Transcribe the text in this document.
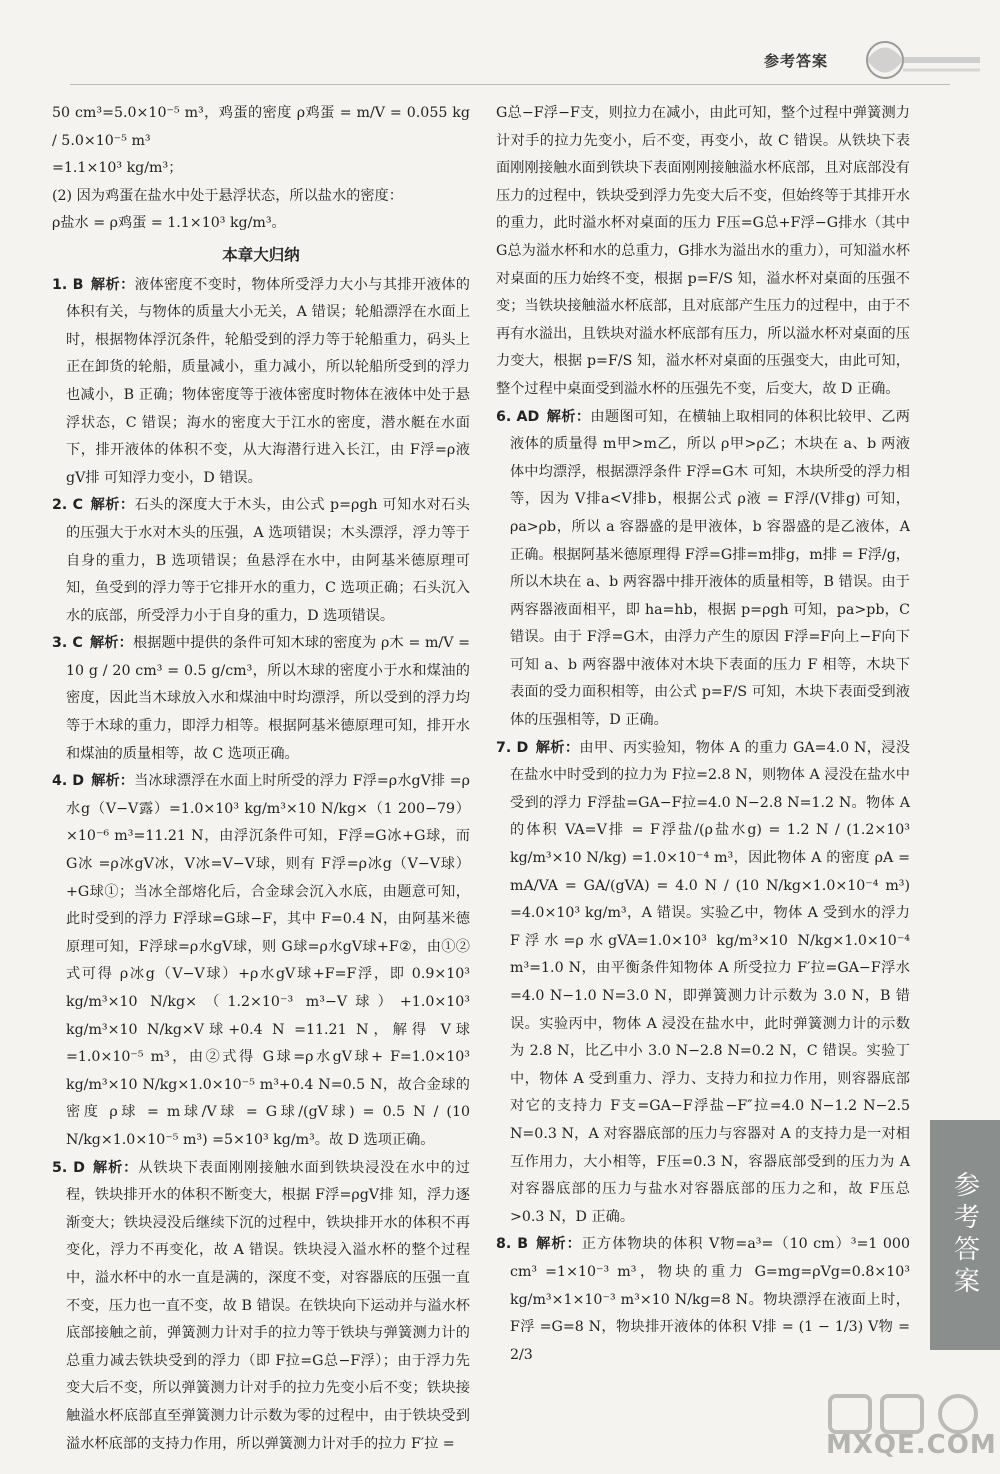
参考答案

50 cm³=5.0×10⁻⁵ m³，鸡蛋的密度 ρ鸡蛋 = m/V = 0.055 kg / 5.0×10⁻⁵ m³

=1.1×10³ kg/m³；

(2) 因为鸡蛋在盐水中处于悬浮状态，所以盐水的密度：

ρ盐水 = ρ鸡蛋 = 1.1×10³ kg/m³。

本章大归纳

1. B  解析：液体密度不变时，物体所受浮力大小与其排开液体的体积有关，与物体的质量大小无关，A 错误；轮船漂浮在水面上时，根据物体浮沉条件，轮船受到的浮力等于轮船重力，码头上正在卸货的轮船，质量减小，重力减小，所以轮船所受到的浮力也减小，B 正确；物体密度等于液体密度时物体在液体中处于悬浮状态，C 错误；海水的密度大于江水的密度，潜水艇在水面下，排开液体的体积不变，从大海潜行进入长江，由 F浮=ρ液gV排 可知浮力变小，D 错误。

2. C  解析：石头的深度大于木头，由公式 p=ρgh 可知水对石头的压强大于水对木头的压强，A 选项错误；木头漂浮，浮力等于自身的重力，B 选项错误；鱼悬浮在水中，由阿基米德原理可知，鱼受到的浮力等于它排开水的重力，C 选项正确；石头沉入水的底部，所受浮力小于自身的重力，D 选项错误。

3. C  解析：根据题中提供的条件可知木球的密度为 ρ木 = m/V = 10 g / 20 cm³ = 0.5 g/cm³，所以木球的密度小于水和煤油的密度，因此当木球放入水和煤油中时均漂浮，所以受到的浮力均等于木球的重力，即浮力相等。根据阿基米德原理可知，排开水和煤油的质量相等，故 C 选项正确。

4. D  解析：当冰球漂浮在水面上时所受的浮力 F浮=ρ水gV排 =ρ水g（V−V露）=1.0×10³ kg/m³×10 N/kg×（1 200−79）×10⁻⁶ m³=11.21 N，由浮沉条件可知，F浮=G冰+G球，而 G冰 =ρ冰gV冰，V冰=V−V球，则有 F浮=ρ冰g（V−V球）+G球①；当冰全部熔化后，合金球会沉入水底，由题意可知，此时受到的浮力 F浮球=G球−F，其中 F=0.4 N，由阿基米德原理可知，F浮球=ρ水gV球，则 G球=ρ水gV球+F②，由①②式可得 ρ冰g（V−V球）+ρ水gV球+F=F浮，即 0.9×10³ kg/m³×10 N/kg×（1.2×10⁻³ m³−V球）+1.0×10³ kg/m³×10 N/kg×V球+0.4 N =11.21 N，解得 V球=1.0×10⁻⁵ m³，由②式得 G球=ρ水gV球+ F=1.0×10³ kg/m³×10 N/kg×1.0×10⁻⁵ m³+0.4 N=0.5 N，故合金球的密度 ρ球 = m球/V球 = G球/(gV球) = 0.5 N / (10 N/kg×1.0×10⁻⁵ m³) =5×10³ kg/m³。故 D 选项正确。

5. D  解析：从铁块下表面刚刚接触水面到铁块浸没在水中的过程，铁块排开水的体积不断变大，根据 F浮=ρgV排 知，浮力逐渐变大；铁块浸没后继续下沉的过程中，铁块排开水的体积不再变化，浮力不再变化，故 A 错误。铁块浸入溢水杯的整个过程中，溢水杯中的水一直是满的，深度不变，对容器底的压强一直不变，压力也一直不变，故 B 错误。在铁块向下运动并与溢水杯底部接触之前，弹簧测力计对手的拉力等于铁块与弹簧测力计的总重力减去铁块受到的浮力（即 F拉=G总−F浮）；由于浮力先变大后不变，所以弹簧测力计对手的拉力先变小后不变；铁块接触溢水杯底部直至弹簧测力计示数为零的过程中，由于铁块受到溢水杯底部的支持力作用，所以弹簧测力计对手的拉力 F′拉 =

G总−F浮−F支，则拉力在减小，由此可知，整个过程中弹簧测力计对手的拉力先变小，后不变，再变小，故 C 错误。从铁块下表面刚刚接触水面到铁块下表面刚刚接触溢水杯底部，且对底部没有压力的过程中，铁块受到浮力先变大后不变，但始终等于其排开水的重力，此时溢水杯对桌面的压力 F压=G总+F浮−G排水（其中 G总为溢水杯和水的总重力，G排水为溢出水的重力），可知溢水杯对桌面的压力始终不变，根据 p=F/S 知，溢水杯对桌面的压强不变；当铁块接触溢水杯底部，且对底部产生压力的过程中，由于不再有水溢出，且铁块对溢水杯底部有压力，所以溢水杯对桌面的压力变大，根据 p=F/S 知，溢水杯对桌面的压强变大，由此可知，整个过程中桌面受到溢水杯的压强先不变，后变大，故 D 正确。

6. AD  解析：由题图可知，在横轴上取相同的体积比较甲、乙两液体的质量得 m甲>m乙，所以 ρ甲>ρ乙；木块在 a、b 两液体中均漂浮，根据漂浮条件 F浮=G木 可知，木块所受的浮力相等，因为 V排a<V排b，根据公式 ρ液 = F浮/(V排g) 可知，ρa>ρb，所以 a 容器盛的是甲液体，b 容器盛的是乙液体，A 正确。根据阿基米德原理得 F浮=G排=m排g，m排 = F浮/g，所以木块在 a、b 两容器中排开液体的质量相等，B 错误。由于两容器液面相平，即 ha=hb，根据 p=ρgh 可知，pa>pb，C 错误。由于 F浮=G木，由浮力产生的原因 F浮=F向上−F向下 可知 a、b 两容器中液体对木块下表面的压力 F 相等，木块下表面的受力面积相等，由公式 p=F/S 可知，木块下表面受到液体的压强相等，D 正确。

7. D  解析：由甲、丙实验知，物体 A 的重力 GA=4.0 N，浸没在盐水中时受到的拉力为 F拉=2.8 N，则物体 A 浸没在盐水中受到的浮力 F浮盐=GA−F拉=4.0 N−2.8 N=1.2 N。物体 A 的体积 VA=V排 = F浮盐/(ρ盐水g) = 1.2 N / (1.2×10³ kg/m³×10 N/kg) =1.0×10⁻⁴ m³，因此物体 A 的密度 ρA = mA/VA = GA/(gVA) = 4.0 N / (10 N/kg×1.0×10⁻⁴ m³) =4.0×10³ kg/m³，A 错误。实验乙中，物体 A 受到水的浮力 F浮水=ρ水gVA=1.0×10³ kg/m³×10 N/kg×1.0×10⁻⁴ m³=1.0 N，由平衡条件知物体 A 所受拉力 F′拉=GA−F浮水=4.0 N−1.0 N=3.0 N，即弹簧测力计示数为 3.0 N，B 错误。实验丙中，物体 A 浸没在盐水中，此时弹簧测力计的示数为 2.8 N，比乙中小 3.0 N−2.8 N=0.2 N，C 错误。实验丁中，物体 A 受到重力、浮力、支持力和拉力作用，则容器底部对它的支持力 F支=GA−F浮盐−F″拉=4.0 N−1.2 N−2.5 N=0.3 N，A 对容器底部的压力与容器对 A 的支持力是一对相互作用力，大小相等，F压=0.3 N，容器底部受到的压力为 A 对容器底部的压力与盐水对容器底部的压力之和，故 F压总>0.3 N，D 正确。

8. B  解析：正方体物块的体积 V物=a³=（10 cm）³=1 000 cm³ =1×10⁻³ m³，物块的重力 G=mg=ρVg=0.8×10³ kg/m³×1×10⁻³ m³×10 N/kg=8 N。物块漂浮在液面上时，F浮 =G=8 N，物块排开液体的体积 V排 = (1 − 1/3) V物 = 2/3

参考答案
MXQE.COM
